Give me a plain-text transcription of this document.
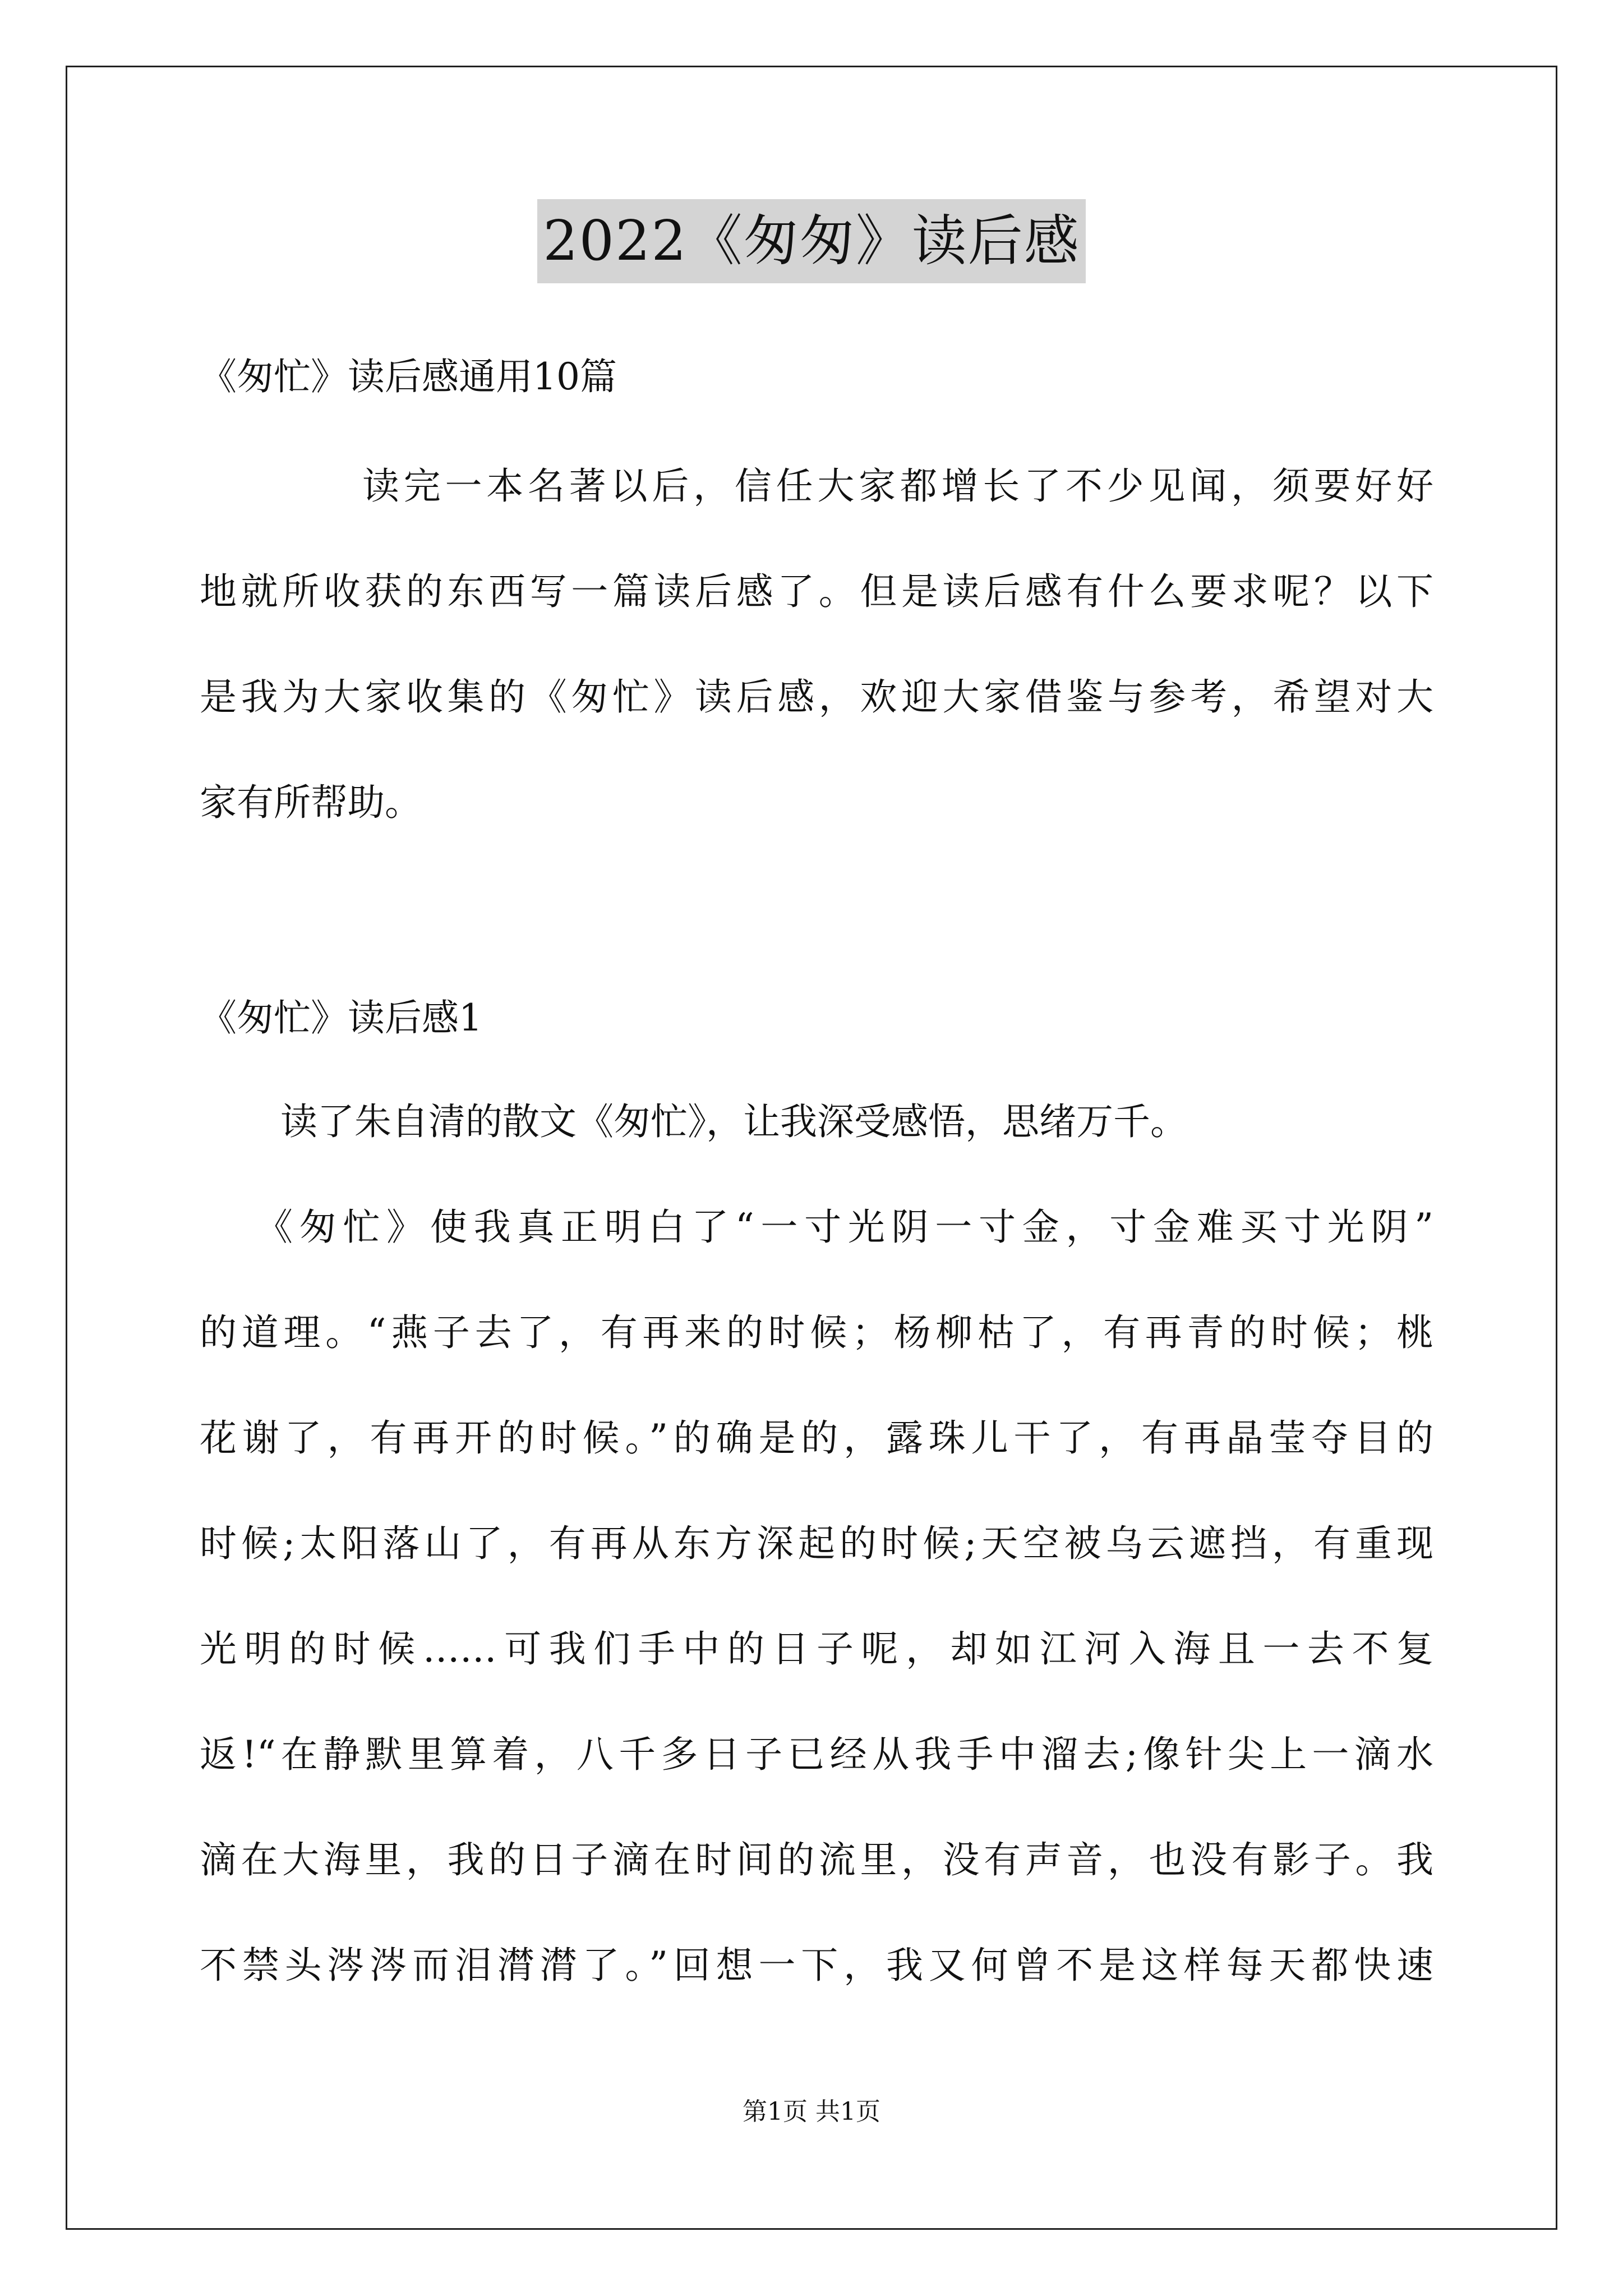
2022《匆匆》读后感
《匆忙》读后感通用10篇
读完一本名著以后，信任大家都增长了不少见闻，须要好好
地就所收获的东西写一篇读后感了。但是读后感有什么要求呢？以下
是我为大家收集的《匆忙》读后感，欢迎大家借鉴与参考，希望对大
家有所帮助。
《匆忙》读后感1
读了朱自清的散文《匆忙》，让我深受感悟，思绪万千。
《匆忙》使我真正明白了“一寸光阴一寸金，寸金难买寸光阴”
的道理。“燕子去了，有再来的时候；杨柳枯了，有再青的时候；桃
花谢了，有再开的时候。”的确是的，露珠儿干了，有再晶莹夺目的
时候;太阳落山了，有再从东方深起的时候;天空被乌云遮挡，有重现
光明的时候……可我们手中的日子呢，却如江河入海且一去不复
返!“在静默里算着，八千多日子已经从我手中溜去;像针尖上一滴水
滴在大海里，我的日子滴在时间的流里，没有声音，也没有影子。我
不禁头涔涔而泪潸潸了。”回想一下，我又何曾不是这样每天都快速
第1页 共1页
